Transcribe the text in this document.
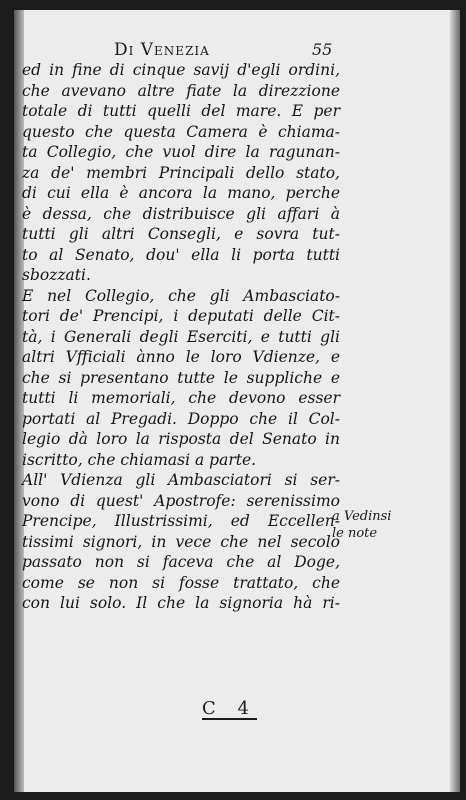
Di Venezia	55

ed in fine di cinque savij d'egli ordini,
che avevano altre fiate la direzzione
totale di tutti quelli del mare. E per
questo che questa Camera è chiama-
ta Collegio, che vuol dire la ragunan-
za de' membri Principali dello stato,
di cui ella è ancora la mano, perche
è dessa, che distribuisce gli affari à
tutti gli altri Consegli, e sovra tut-
to al Senato, dou' ella li porta tutti
sbozzati.

E nel Collegio, che gli Ambasciato-
tori de' Prencipi, i deputati delle Cit-
tà, i Generali degli Eserciti, e tutti gli
altri Vfficiali ànno le loro Vdienze, e
che si presentano tutte le suppliche e
tutti li memoriali, che devono esser
portati al Pregadi. Doppo che il Col-
legio dà loro la risposta del Senato in
iscritto, che chiamasi a parte.

All' Vdienza gli Ambasciatori si ser-
vono di quest' Apostrofe: serenissimo
Prencipe, Illustrissimi, ed Eccellen-
tissimi signori, in vece che nel secolo
passato non si faceva che al Doge,
come se non si fosse trattato, che
con lui solo. Il che la signoria hà ri-

a Vedinsi
le note
C 4
